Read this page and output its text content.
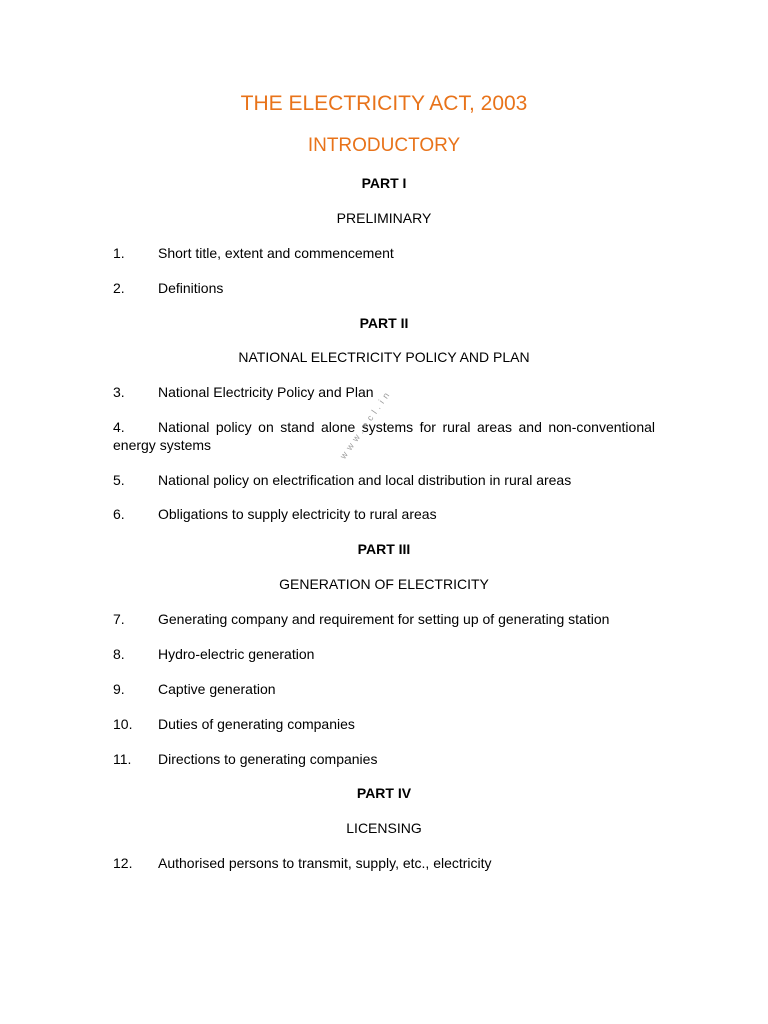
THE ELECTRICITY ACT, 2003
INTRODUCTORY
PART I
PRELIMINARY
1. Short title, extent and commencement
2. Definitions
PART II
NATIONAL ELECTRICITY POLICY AND PLAN
3. National Electricity Policy and Plan
4. National policy on stand alone systems for rural areas and non-conventional energy systems
5. National policy on electrification and local distribution in rural areas
6. Obligations to supply electricity to rural areas
PART III
GENERATION OF ELECTRICITY
7. Generating company and requirement for setting up of generating station
8. Hydro-electric generation
9. Captive generation
10. Duties of generating companies
11. Directions to generating companies
PART IV
LICENSING
12. Authorised persons to transmit, supply, etc., electricity
www.ecl.in
